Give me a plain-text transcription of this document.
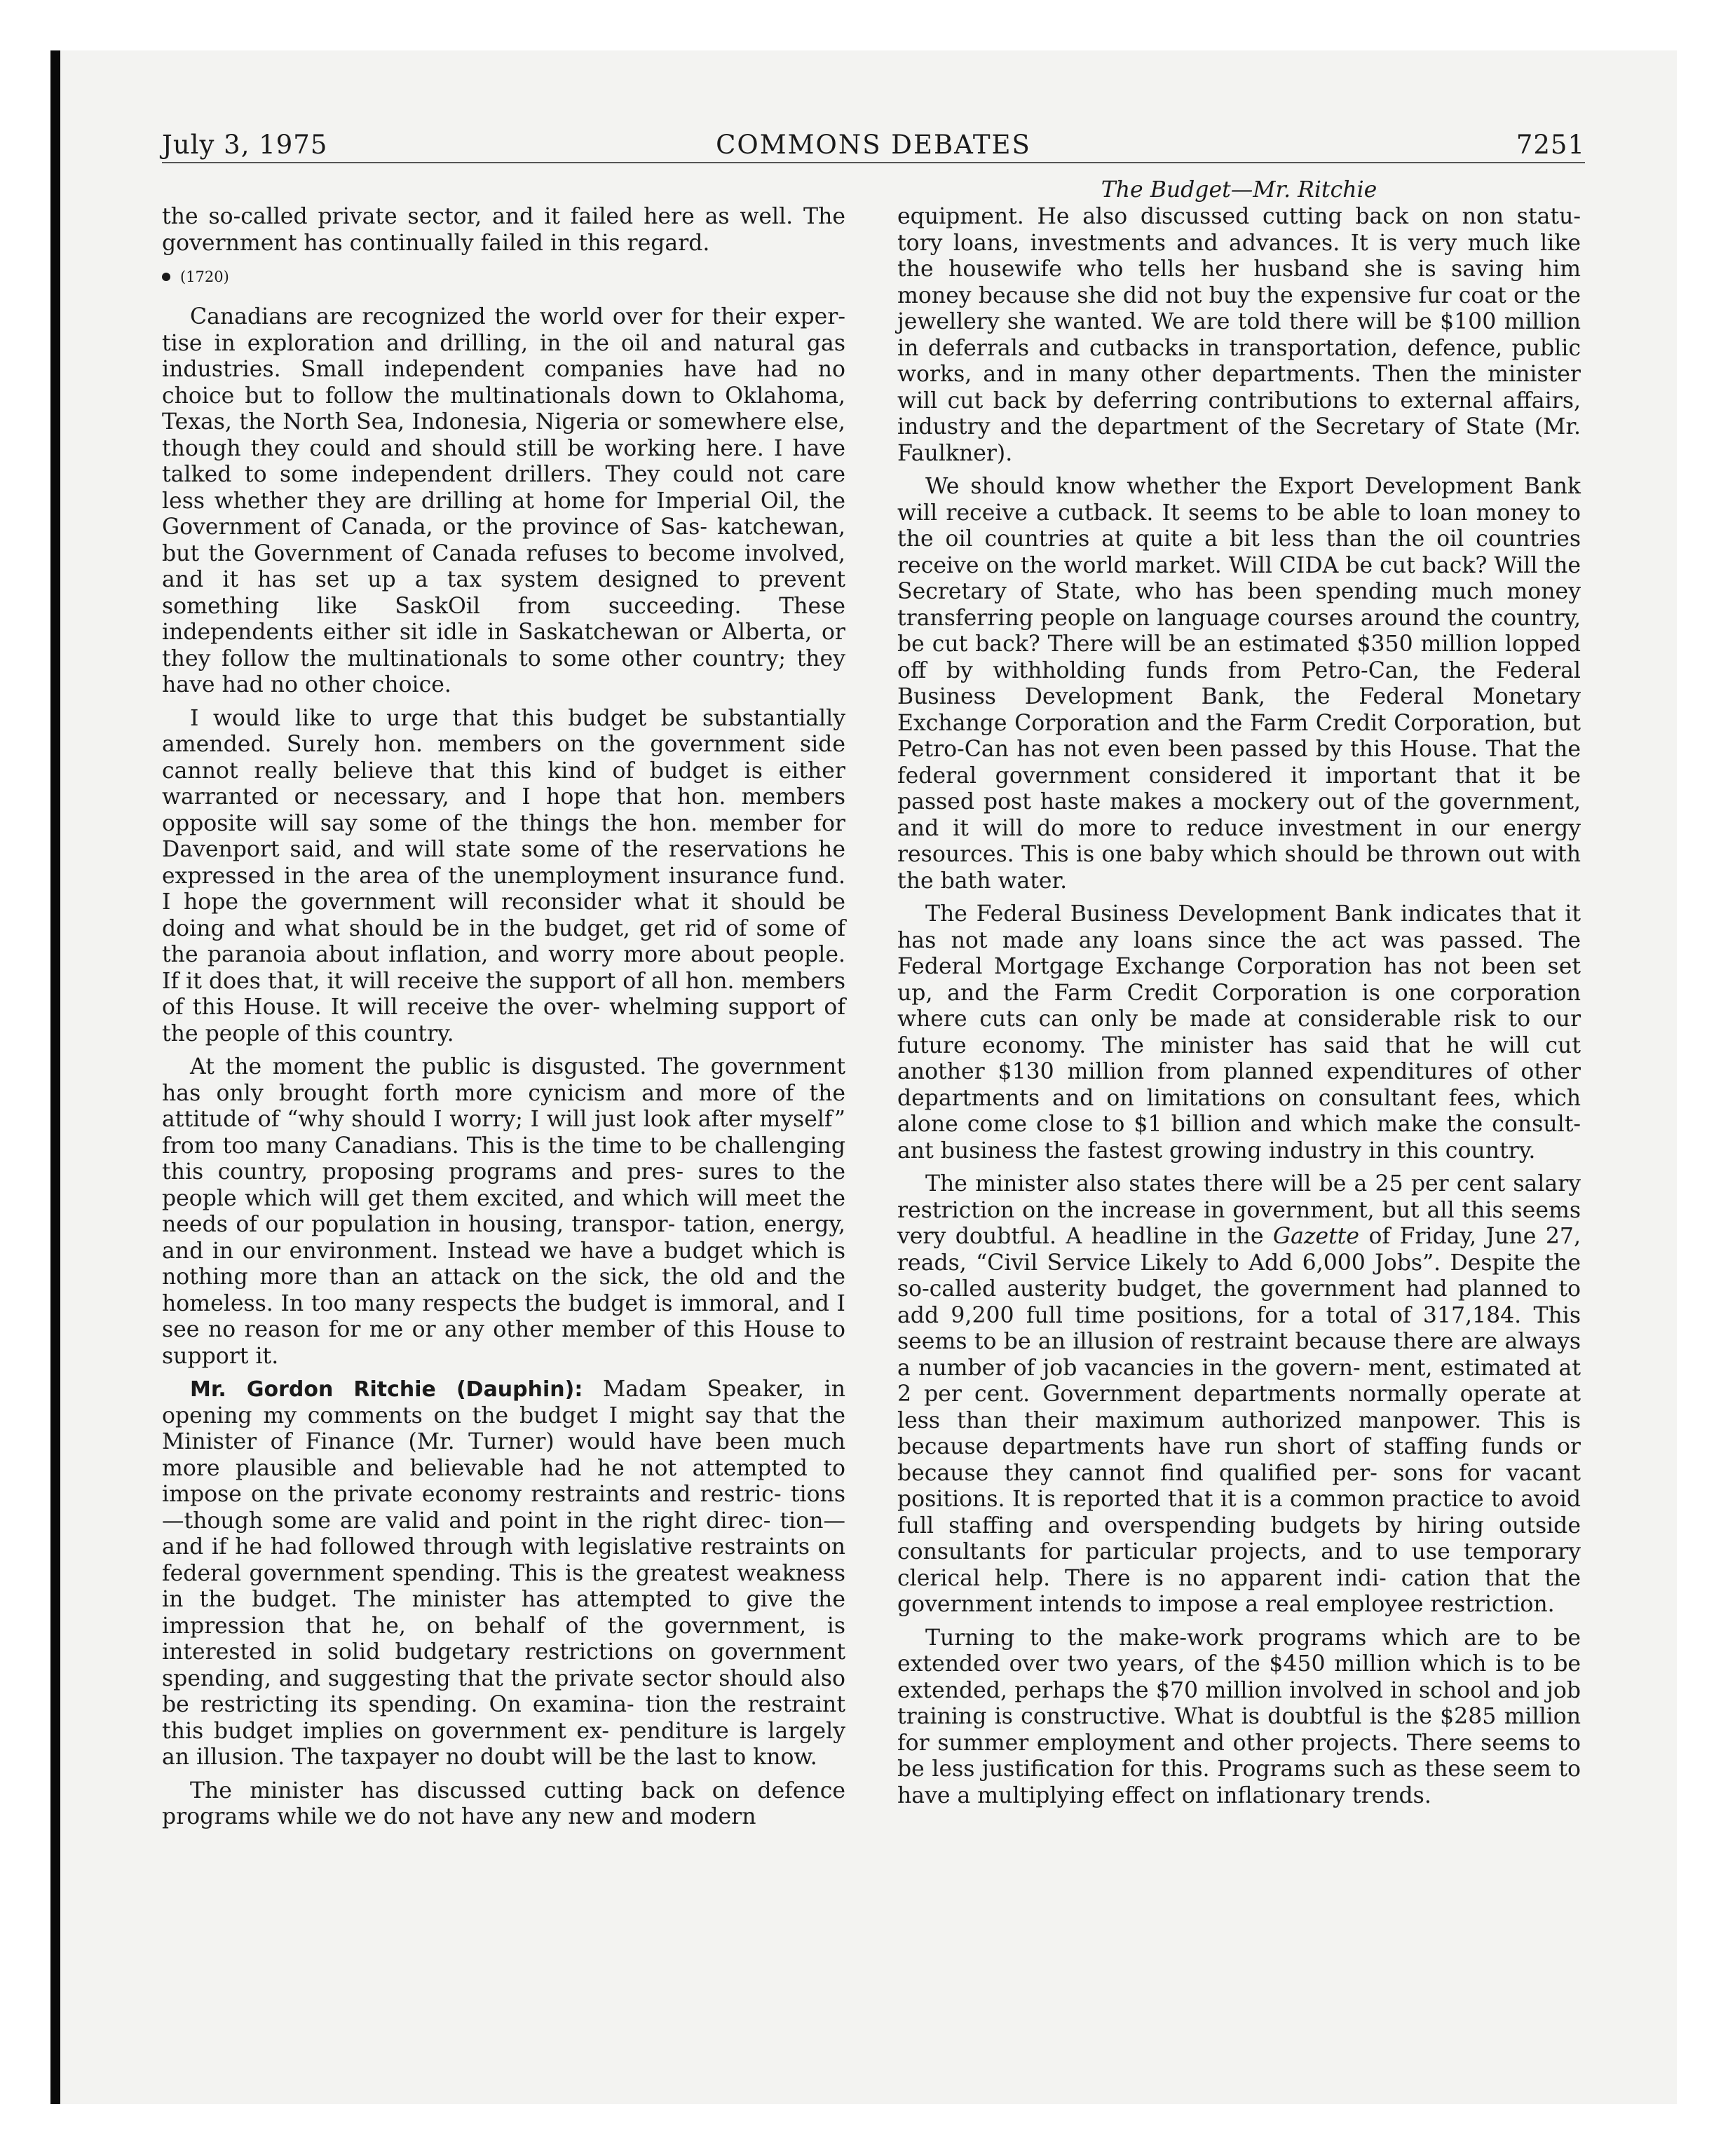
July 3, 1975	COMMONS DEBATES	7251

the so-called private sector, and it failed here as well. The government has continually failed in this regard.

(1720)

Canadians are recognized the world over for their exper- tise in exploration and drilling, in the oil and natural gas industries. Small independent companies have had no choice but to follow the multinationals down to Oklahoma, Texas, the North Sea, Indonesia, Nigeria or somewhere else, though they could and should still be working here. I have talked to some independent drillers. They could not care less whether they are drilling at home for Imperial Oil, the Government of Canada, or the province of Sas- katchewan, but the Government of Canada refuses to become involved, and it has set up a tax system designed to prevent something like SaskOil from succeeding. These independents either sit idle in Saskatchewan or Alberta, or they follow the multinationals to some other country; they have had no other choice.

I would like to urge that this budget be substantially amended. Surely hon. members on the government side cannot really believe that this kind of budget is either warranted or necessary, and I hope that hon. members opposite will say some of the things the hon. member for Davenport said, and will state some of the reservations he expressed in the area of the unemployment insurance fund. I hope the government will reconsider what it should be doing and what should be in the budget, get rid of some of the paranoia about inflation, and worry more about people. If it does that, it will receive the support of all hon. members of this House. It will receive the over- whelming support of the people of this country.

At the moment the public is disgusted. The government has only brought forth more cynicism and more of the attitude of “why should I worry; I will just look after myself” from too many Canadians. This is the time to be challenging this country, proposing programs and pres- sures to the people which will get them excited, and which will meet the needs of our population in housing, transpor- tation, energy, and in our environment. Instead we have a budget which is nothing more than an attack on the sick, the old and the homeless. In too many respects the budget is immoral, and I see no reason for me or any other member of this House to support it.

Mr. Gordon Ritchie (Dauphin): Madam Speaker, in opening my comments on the budget I might say that the Minister of Finance (Mr. Turner) would have been much more plausible and believable had he not attempted to impose on the private economy restraints and restric- tions—though some are valid and point in the right direc- tion—and if he had followed through with legislative restraints on federal government spending. This is the greatest weakness in the budget. The minister has attempted to give the impression that he, on behalf of the government, is interested in solid budgetary restrictions on government spending, and suggesting that the private sector should also be restricting its spending. On examina- tion the restraint this budget implies on government ex- penditure is largely an illusion. The taxpayer no doubt will be the last to know.

The minister has discussed cutting back on defence programs while we do not have any new and modern

The Budget—Mr. Ritchie

equipment. He also discussed cutting back on non statu- tory loans, investments and advances. It is very much like the housewife who tells her husband she is saving him money because she did not buy the expensive fur coat or the jewellery she wanted. We are told there will be $100 million in deferrals and cutbacks in transportation, defence, public works, and in many other departments. Then the minister will cut back by deferring contributions to external affairs, industry and the department of the Secretary of State (Mr. Faulkner).

We should know whether the Export Development Bank will receive a cutback. It seems to be able to loan money to the oil countries at quite a bit less than the oil countries receive on the world market. Will CIDA be cut back? Will the Secretary of State, who has been spending much money transferring people on language courses around the country, be cut back? There will be an estimated $350 million lopped off by withholding funds from Petro-Can, the Federal Business Development Bank, the Federal Monetary Exchange Corporation and the Farm Credit Corporation, but Petro-Can has not even been passed by this House. That the federal government considered it important that it be passed post haste makes a mockery out of the government, and it will do more to reduce investment in our energy resources. This is one baby which should be thrown out with the bath water.

The Federal Business Development Bank indicates that it has not made any loans since the act was passed. The Federal Mortgage Exchange Corporation has not been set up, and the Farm Credit Corporation is one corporation where cuts can only be made at considerable risk to our future economy. The minister has said that he will cut another $130 million from planned expenditures of other departments and on limitations on consultant fees, which alone come close to $1 billion and which make the consult- ant business the fastest growing industry in this country.

The minister also states there will be a 25 per cent salary restriction on the increase in government, but all this seems very doubtful. A headline in the Gazette of Friday, June 27, reads, “Civil Service Likely to Add 6,000 Jobs”. Despite the so-called austerity budget, the government had planned to add 9,200 full time positions, for a total of 317,184. This seems to be an illusion of restraint because there are always a number of job vacancies in the govern- ment, estimated at 2 per cent. Government departments normally operate at less than their maximum authorized manpower. This is because departments have run short of staffing funds or because they cannot find qualified per- sons for vacant positions. It is reported that it is a common practice to avoid full staffing and overspending budgets by hiring outside consultants for particular projects, and to use temporary clerical help. There is no apparent indi- cation that the government intends to impose a real employee restriction.

Turning to the make-work programs which are to be extended over two years, of the $450 million which is to be extended, perhaps the $70 million involved in school and job training is constructive. What is doubtful is the $285 million for summer employment and other projects. There seems to be less justification for this. Programs such as these seem to have a multiplying effect on inflationary trends.
